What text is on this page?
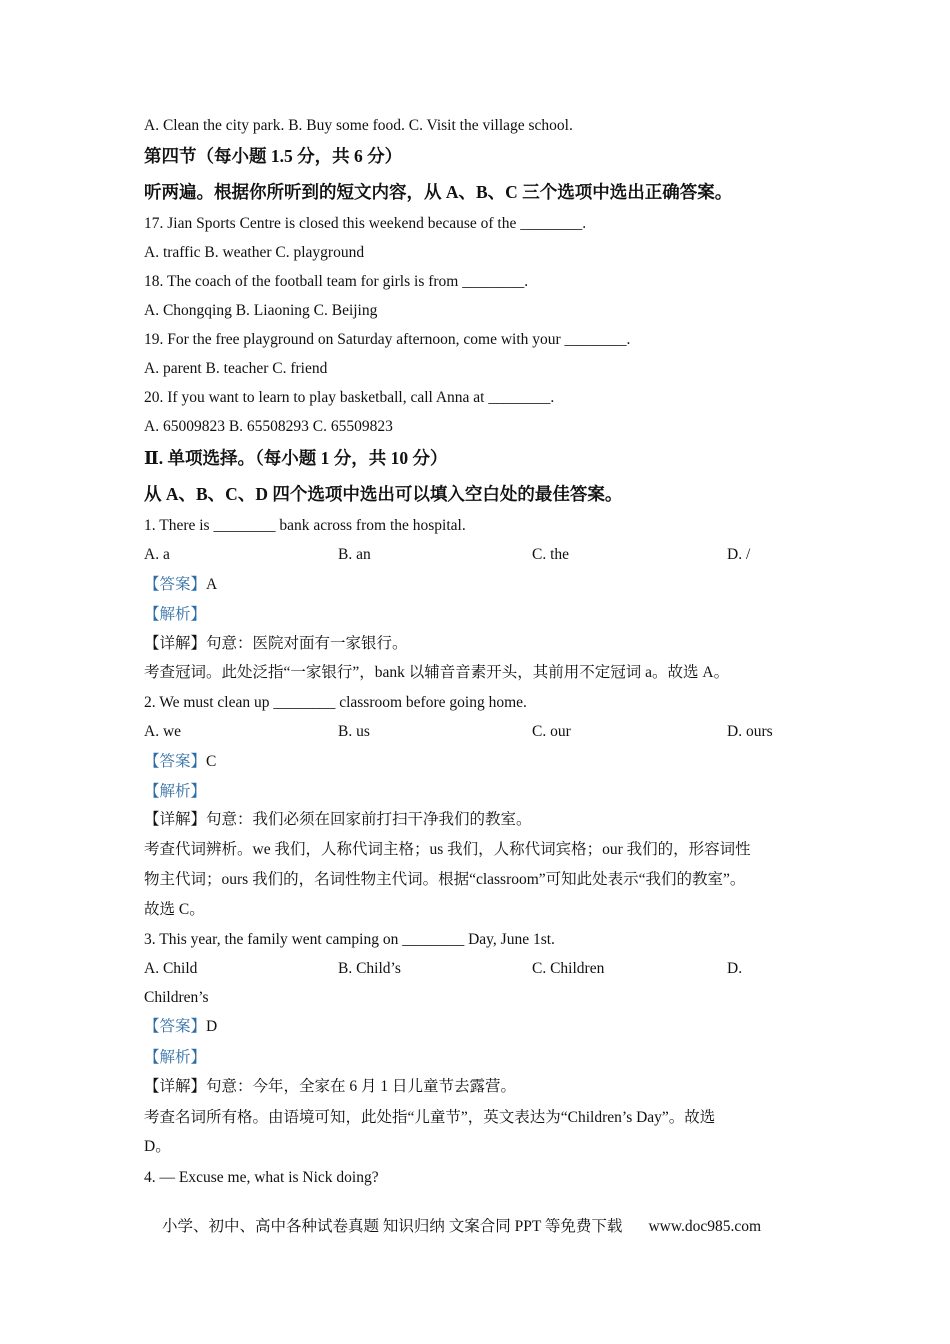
A. Clean the city park. B. Buy some food. C. Visit the village school.
第四节（每小题 1.5 分，共 6 分）
听两遍。根据你所听到的短文内容，从 A、B、C 三个选项中选出正确答案。
17. Jian Sports Centre is closed this weekend because of the ________.
A. traffic B. weather C. playground
18. The coach of the football team for girls is from ________.
A. Chongqing B. Liaoning C. Beijing
19. For the free playground on Saturday afternoon, come with your ________.
A. parent B. teacher C. friend
20. If you want to learn to play basketball, call Anna at ________.
A. 65009823 B. 65508293 C. 65509823
Ⅱ. 单项选择。（每小题 1 分，共 10 分）
从 A、B、C、D 四个选项中选出可以填入空白处的最佳答案。
1. There is ________ bank across from the hospital.
A. a	B. an	C. the	D. /
【答案】A
【解析】
【详解】句意：医院对面有一家银行。
考查冠词。此处泛指“一家银行”，bank 以辅音音素开头，其前用不定冠词 a。故选 A。
2. We must clean up ________ classroom before going home.
A. we	B. us	C. our	D. ours
【答案】C
【解析】
【详解】句意：我们必须在回家前打扫干净我们的教室。
考查代词辨析。we 我们，人称代词主格；us 我们，人称代词宾格；our 我们的，形容词性
物主代词；ours 我们的，名词性物主代词。根据“classroom”可知此处表示“我们的教室”。
故选 C。
3. This year, the family went camping on ________ Day, June 1st.
A. Child	B. Child’s	C. Children	D.
Children’s
【答案】D
【解析】
【详解】句意：今年，全家在 6 月 1 日儿童节去露营。
考查名词所有格。由语境可知，此处指“儿童节”，英文表达为“Children’s Day”。故选
D。
4. — Excuse me, what is Nick doing?
小学、初中、高中各种试卷真题 知识归纳 文案合同 PPT 等免费下载 www.doc985.com
